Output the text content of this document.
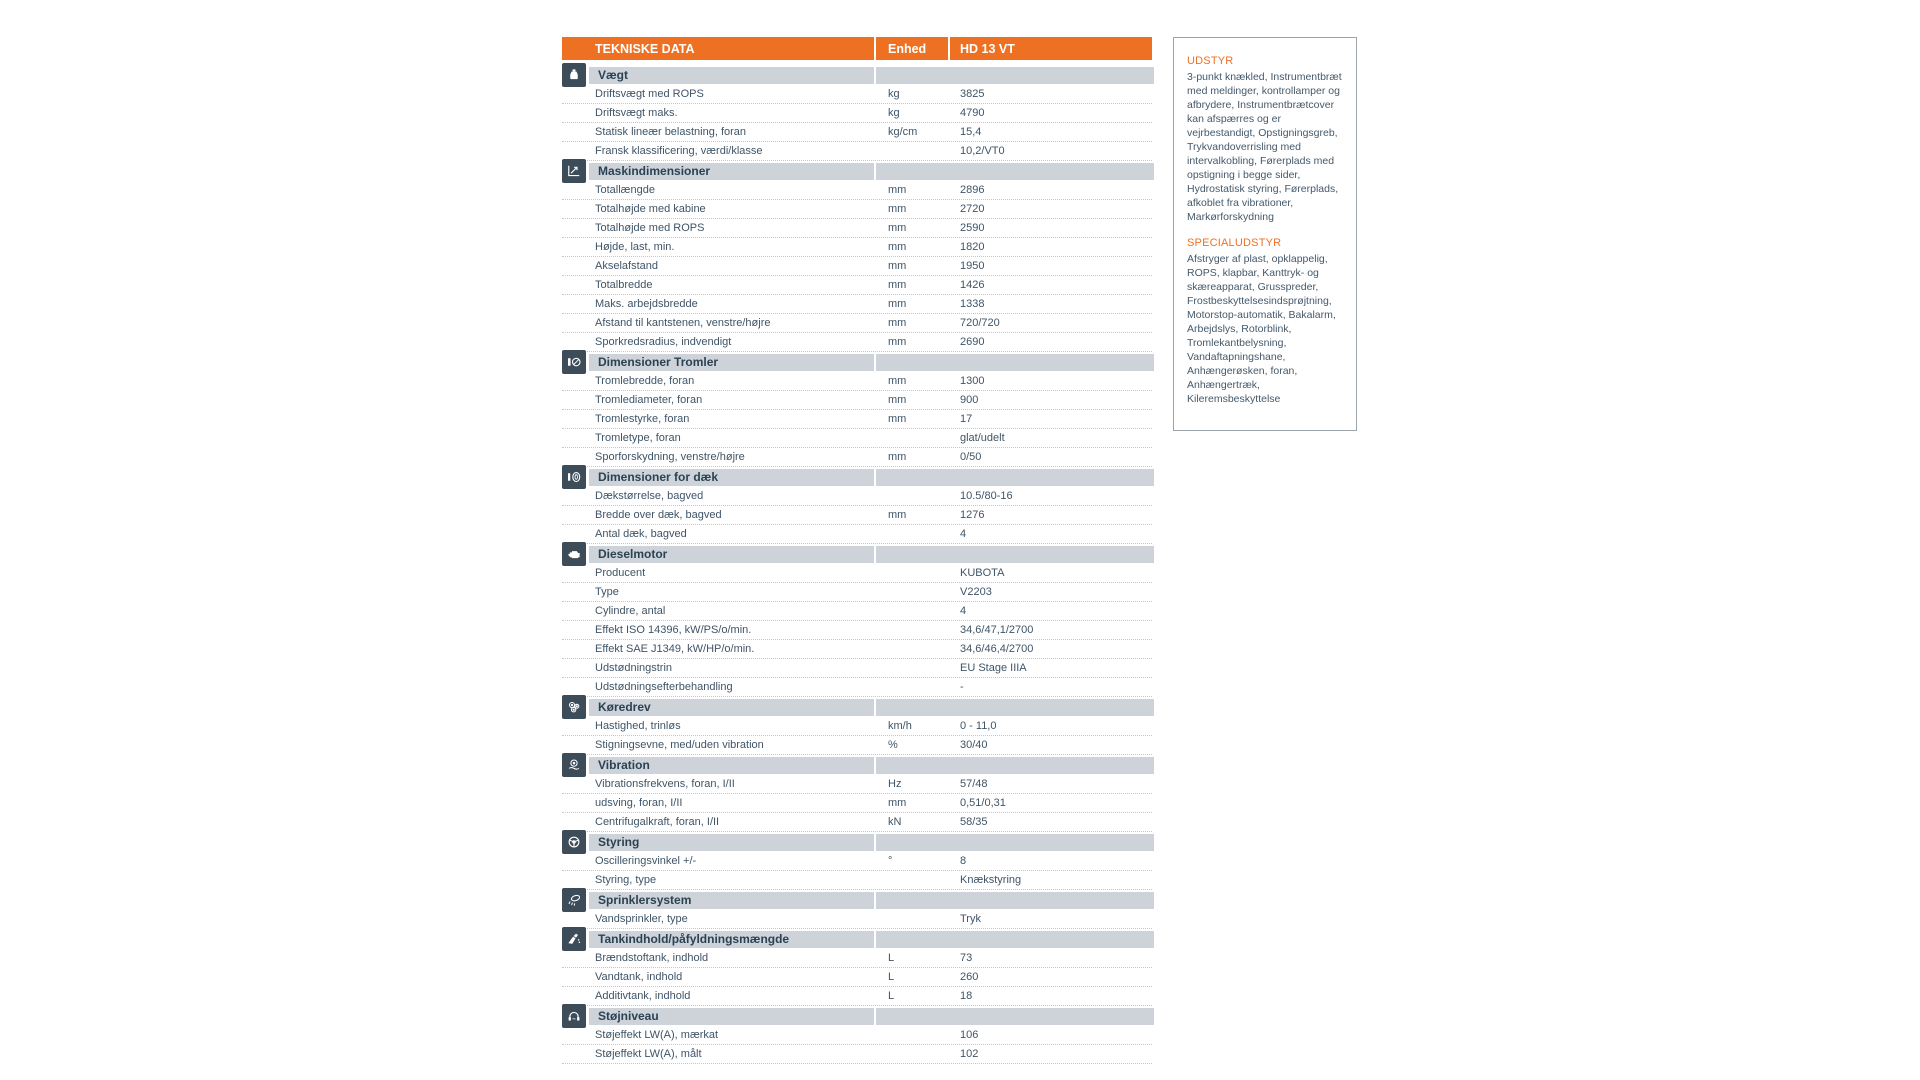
TEKNISKE DATA	Enhed	HD 13 VT

Vægt		

Driftsvægt med ROPS	kg	3825
Driftsvægt maks.	kg	4790
Statisk lineær belastning, foran	kg/cm	15,4
Fransk klassificering, værdi/klasse		10,2/VT0

Maskindimensioner		

Totallængde	mm	2896
Totalhøjde med kabine	mm	2720
Totalhøjde med ROPS	mm	2590
Højde, last, min.	mm	1820
Akselafstand	mm	1950
Totalbredde	mm	1426
Maks. arbejdsbredde	mm	1338
Afstand til kantstenen, venstre/højre	mm	720/720
Sporkredsradius, indvendigt	mm	2690

Dimensioner Tromler		

Tromlebredde, foran	mm	1300
Tromlediameter, foran	mm	900
Tromlestyrke, foran	mm	17
Tromletype, foran		glat/udelt
Sporforskydning, venstre/højre	mm	0/50

Dimensioner for dæk		

Dækstørrelse, bagved		10.5/80-16
Bredde over dæk, bagved	mm	1276
Antal dæk, bagved		4

Dieselmotor		

Producent		KUBOTA
Type		V2203
Cylindre, antal		4
Effekt ISO 14396, kW/PS/o/min.		34,6/47,1/2700
Effekt SAE J1349, kW/HP/o/min.		34,6/46,4/2700
Udstødningstrin		EU Stage IIIA
Udstødningsefterbehandling		-

Køredrev		

Hastighed, trinløs	km/h	0 - 11,0
Stigningsevne, med/uden vibration	%	30/40

Vibration		

Vibrationsfrekvens, foran, I/II	Hz	57/48
udsving, foran, I/II	mm	0,51/0,31
Centrifugalkraft, foran, I/II	kN	58/35

Styring		

Oscilleringsvinkel +/-	°	8
Styring, type		Knækstyring

Sprinklersystem		

Vandsprinkler, type		Tryk

Tankindhold/påfyldningsmængde		

Brændstoftank, indhold	L	73
Vandtank, indhold	L	260
Additivtank, indhold	L	18

Støjniveau		

Støjeffekt LW(A), mærkat		106
Støjeffekt LW(A), målt		102

UDSTYR

3-punkt knækled, Instrumentbræt med meldinger, kontrollamper og afbrydere, Instrumentbrætcover kan afspærres og er vejrbestandigt, Opstigningsgreb, Trykvandoverrisling med intervalkobling, Førerplads med opstigning i begge sider, Hydrostatisk styring, Førerplads, afkoblet fra vibrationer, Markørforskydning

SPECIALUDSTYR

Afstryger af plast, opklappelig, ROPS, klapbar, Kanttryk- og skæreapparat, Grusspreder, Frostbeskyttelsesindsprøjtning, Motorstop-automatik, Bakalarm, Arbejdslys, Rotorblink, Tromlekantbelysning, Vandaftapningshane, Anhængerøsken, foran, Anhængertræk, Kileremsbeskyttelse
